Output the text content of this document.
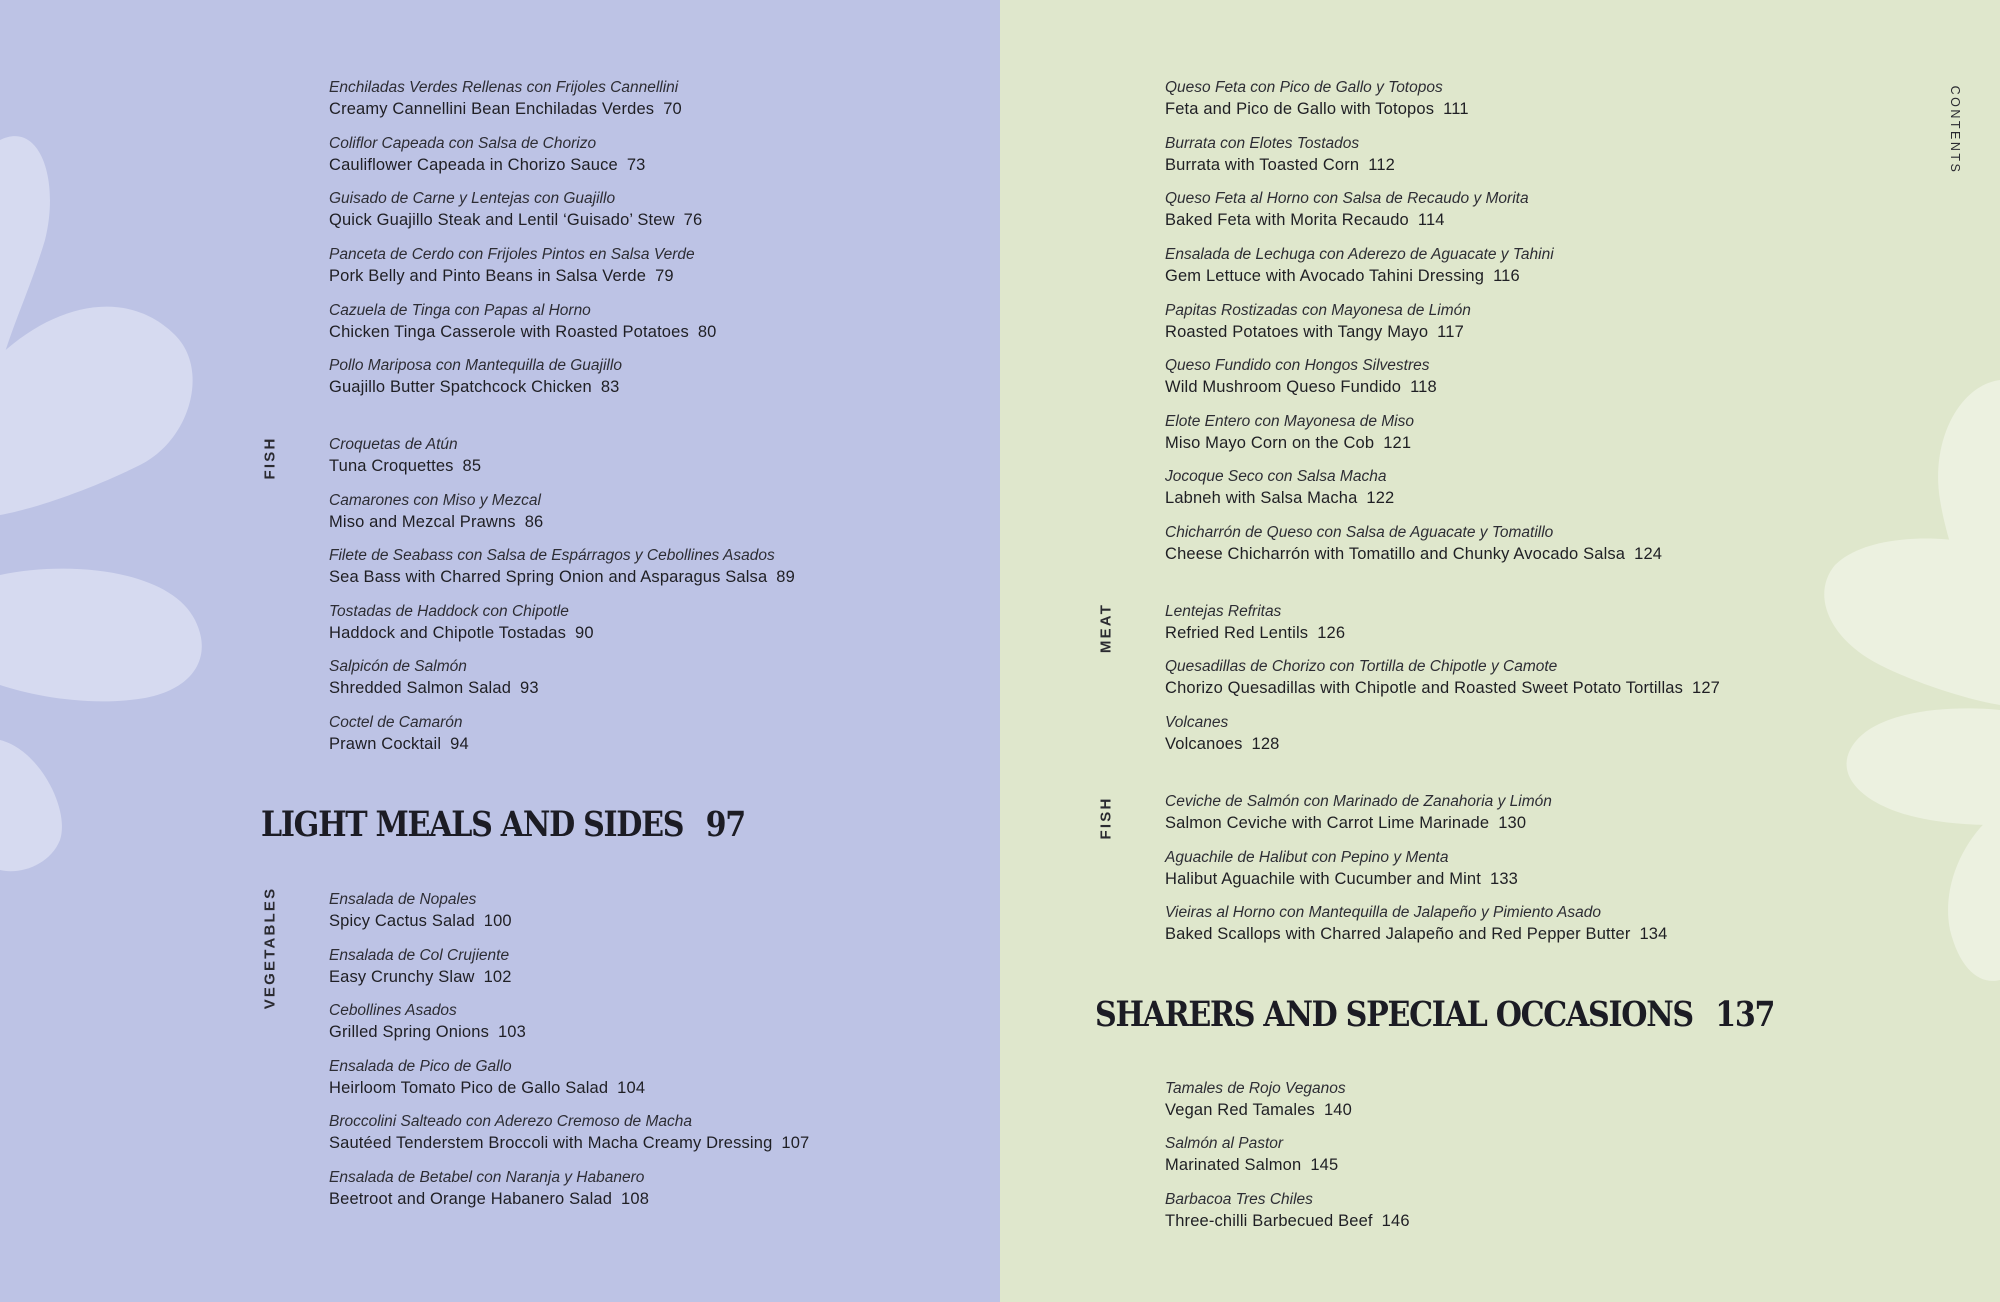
Enchiladas Verdes Rellenas con Frijoles Cannellini
Creamy Cannellini Bean Enchiladas Verdes 70
Coliflor Capeada con Salsa de Chorizo
Cauliflower Capeada in Chorizo Sauce 73
Guisado de Carne y Lentejas con Guajillo
Quick Guajillo Steak and Lentil ‘Guisado’ Stew 76
Panceta de Cerdo con Frijoles Pintos en Salsa Verde
Pork Belly and Pinto Beans in Salsa Verde 79
Cazuela de Tinga con Papas al Horno
Chicken Tinga Casserole with Roasted Potatoes 80
Pollo Mariposa con Mantequilla de Guajillo
Guajillo Butter Spatchcock Chicken 83
FISH	Croquetas de Atún
Tuna Croquettes 85
Camarones con Miso y Mezcal
Miso and Mezcal Prawns 86
Filete de Seabass con Salsa de Espárragos y Cebollines Asados
Sea Bass with Charred Spring Onion and Asparagus Salsa 89
Tostadas de Haddock con Chipotle
Haddock and Chipotle Tostadas 90
Salpicón de Salmón
Shredded Salmon Salad 93
Coctel de Camarón
Prawn Cocktail 94
LIGHT MEALS AND SIDES 97
VEGETABLES	Ensalada de Nopales
Spicy Cactus Salad 100
Ensalada de Col Crujiente
Easy Crunchy Slaw 102
Cebollines Asados
Grilled Spring Onions 103
Ensalada de Pico de Gallo
Heirloom Tomato Pico de Gallo Salad 104
Broccolini Salteado con Aderezo Cremoso de Macha
Sautéed Tenderstem Broccoli with Macha Creamy Dressing 107
Ensalada de Betabel con Naranja y Habanero
Beetroot and Orange Habanero Salad 108
CONTENTS
Queso Feta con Pico de Gallo y Totopos
Feta and Pico de Gallo with Totopos 111
Burrata con Elotes Tostados
Burrata with Toasted Corn 112
Queso Feta al Horno con Salsa de Recaudo y Morita
Baked Feta with Morita Recaudo 114
Ensalada de Lechuga con Aderezo de Aguacate y Tahini
Gem Lettuce with Avocado Tahini Dressing 116
Papitas Rostizadas con Mayonesa de Limón
Roasted Potatoes with Tangy Mayo 117
Queso Fundido con Hongos Silvestres
Wild Mushroom Queso Fundido 118
Elote Entero con Mayonesa de Miso
Miso Mayo Corn on the Cob 121
Jocoque Seco con Salsa Macha
Labneh with Salsa Macha 122
Chicharrón de Queso con Salsa de Aguacate y Tomatillo
Cheese Chicharrón with Tomatillo and Chunky Avocado Salsa 124
MEAT	Lentejas Refritas
Refried Red Lentils 126
Quesadillas de Chorizo con Tortilla de Chipotle y Camote
Chorizo Quesadillas with Chipotle and Roasted Sweet Potato Tortillas 127
Volcanes
Volcanoes 128
FISH	Ceviche de Salmón con Marinado de Zanahoria y Limón
Salmon Ceviche with Carrot Lime Marinade 130
Aguachile de Halibut con Pepino y Menta
Halibut Aguachile with Cucumber and Mint 133
Vieiras al Horno con Mantequilla de Jalapeño y Pimiento Asado
Baked Scallops with Charred Jalapeño and Red Pepper Butter 134
SHARERS AND SPECIAL OCCASIONS 137
Tamales de Rojo Veganos
Vegan Red Tamales 140
Salmón al Pastor
Marinated Salmon 145
Barbacoa Tres Chiles
Three-chilli Barbecued Beef 146
